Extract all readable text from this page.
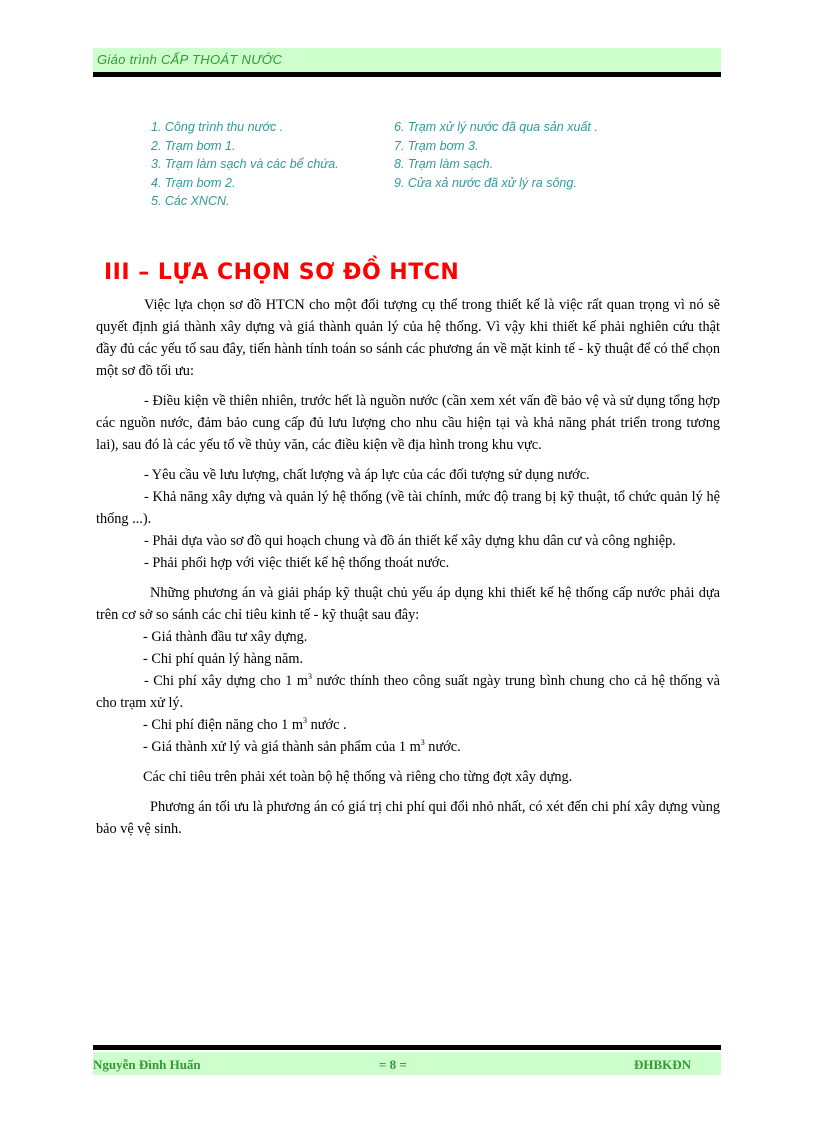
Giáo trình CẤP THOÁT NƯỚC
1. Công trình thu nước .
2. Trạm bơm 1.
3. Trạm làm sạch và các bể chứa.
4. Trạm bơm 2.
5. Các XNCN.
6. Trạm xử lý nước đã qua sản xuất .
7. Trạm bơm 3.
8. Trạm làm sạch.
9. Cửa xả nước đã xử lý ra sông.
III – LỰA CHỌN SƠ ĐỒ HTCN

Việc lựa chọn sơ đồ HTCN cho một đối tượng cụ thể trong thiết kế là việc rất quan trọng vì nó sẽ quyết định giá thành xây dựng và giá thành quản lý của hệ thống. Vì vậy khi thiết kế phải nghiên cứu thật đầy đủ các yếu tố sau đây, tiến hành tính toán so sánh các phương án về mặt kinh tế - kỹ thuật để có thể chọn một sơ đồ tối ưu:

- Điều kiện về thiên nhiên, trước hết là nguồn nước (cần xem xét vấn đề bảo vệ và sử dụng tổng hợp các nguồn nước, đảm bảo cung cấp đủ lưu lượng cho nhu cầu hiện tại và khả năng phát triển trong tương lai), sau đó là các yếu tố về thủy văn, các điều kiện về địa hình trong khu vực.

- Yêu cầu về lưu lượng, chất lượng và áp lực của các đối tượng sử dụng nước.

- Khả năng xây dựng và quản lý hệ thống (về tài chính, mức độ trang bị kỹ thuật, tổ chức quản lý hệ thống ...).

- Phải dựa vào sơ đồ qui hoạch chung và đồ án thiết kế xây dựng khu dân cư và công nghiệp.

- Phải phối hợp với việc thiết kế hệ thống thoát nước.

Những phương án và giải pháp kỹ thuật chủ yếu áp dụng khi thiết kế hệ thống cấp nước phải dựa trên cơ sở so sánh các chỉ tiêu kinh tế - kỹ thuật sau đây:

- Giá thành đầu tư xây dựng.

- Chi phí quản lý hàng năm.

- Chi phí xây dựng cho 1 $m^3$ nước thính theo công suất ngày trung bình chung cho cả hệ thống và cho trạm xử lý.

- Chi phí điện năng cho 1 $m^3$ nước .

- Giá thành xử lý và giá thành sản phẩm của 1 $m^3$ nước.

Các chỉ tiêu trên phải xét toàn bộ hệ thống và riêng cho từng đợt xây dựng.

Phương án tối ưu là phương án có giá trị chi phí qui đổi nhỏ nhất, có xét đến chi phí xây dựng vùng bảo vệ vệ sinh.

Nguyễn Đình Huấn	= 8 =	ĐHBKĐN
